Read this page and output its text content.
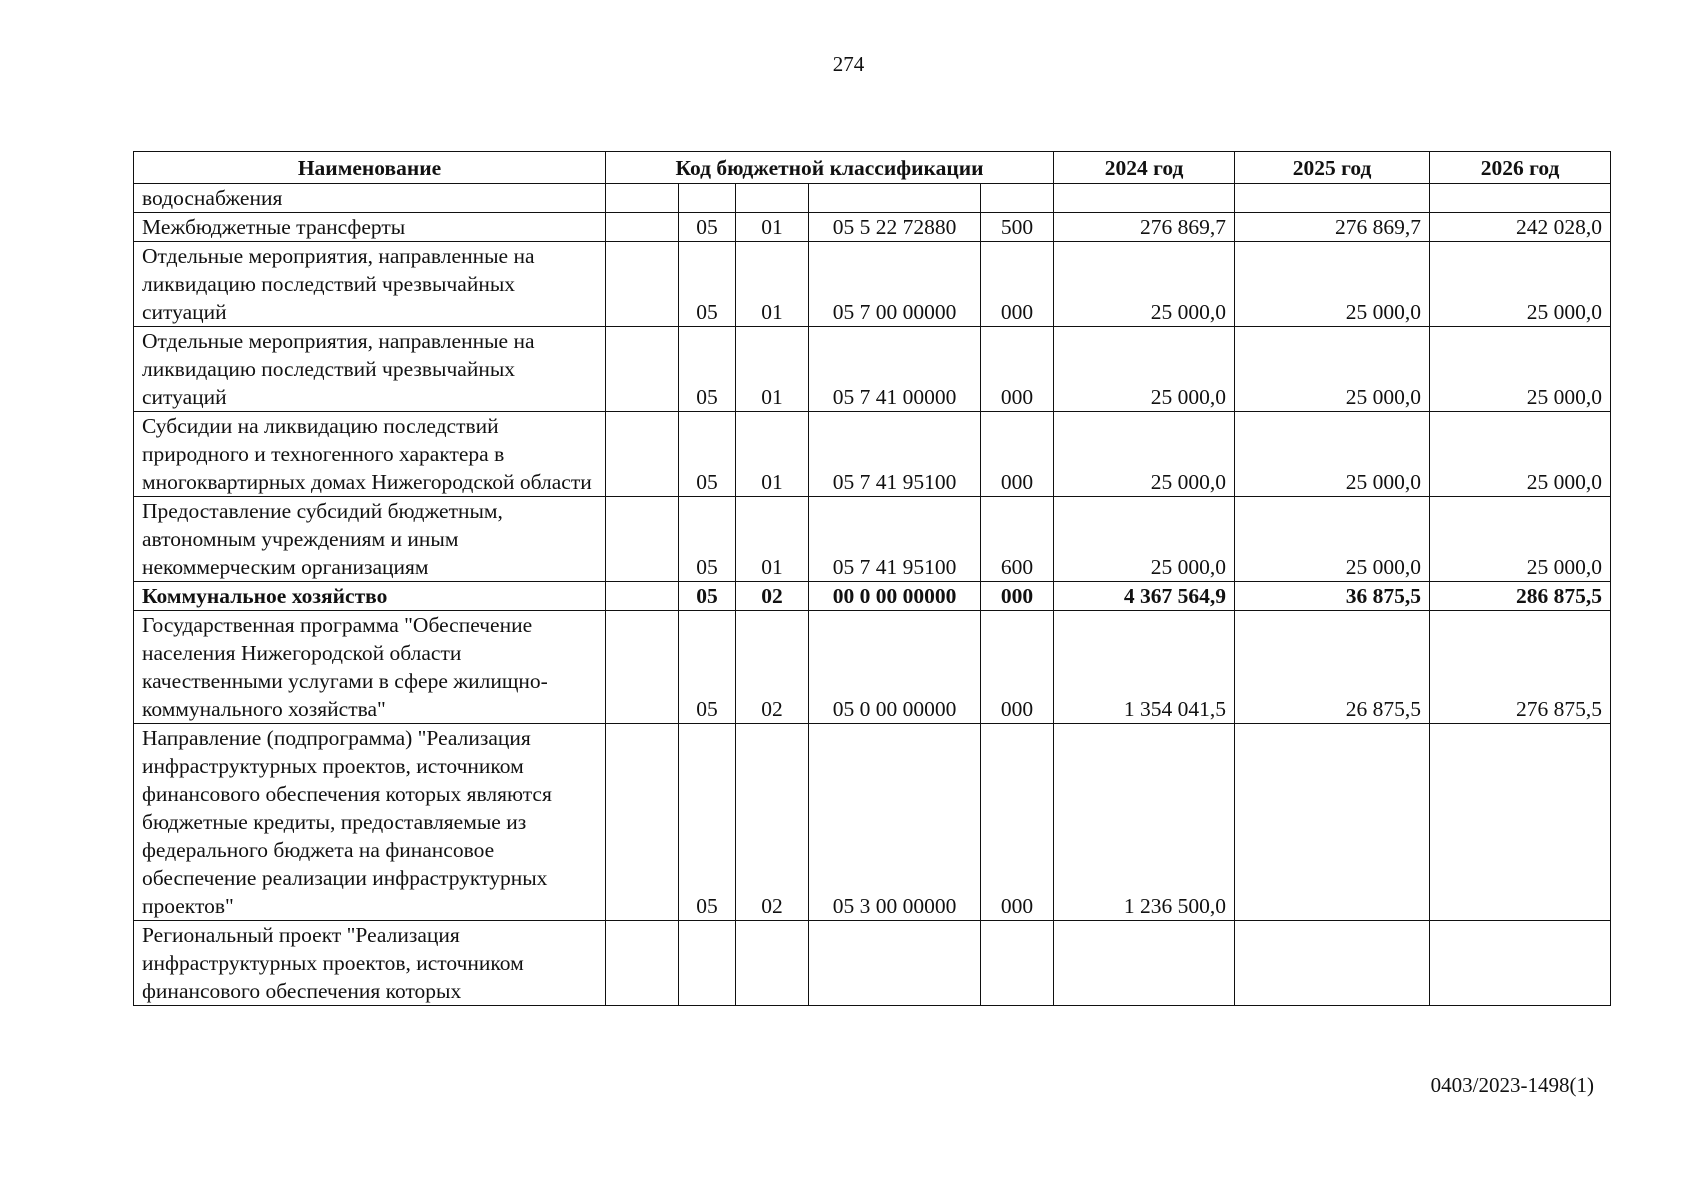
274
Наименование	Код бюджетной классификации					2024 год	2025 год	2026 год
водоснабжения								
Межбюджетные трансферты		05	01	05 5 22 72880	500	276 869,7	276 869,7	242 028,0
Отдельные мероприятия, направленные на ликвидацию последствий чрезвычайных ситуаций		05	01	05 7 00 00000	000	25 000,0	25 000,0	25 000,0
Отдельные мероприятия, направленные на ликвидацию последствий чрезвычайных ситуаций		05	01	05 7 41 00000	000	25 000,0	25 000,0	25 000,0
Субсидии на ликвидацию последствий природного и техногенного характера в многоквартирных домах Нижегородской области		05	01	05 7 41 95100	000	25 000,0	25 000,0	25 000,0
Предоставление субсидий бюджетным, автономным учреждениям и иным некоммерческим организациям		05	01	05 7 41 95100	600	25 000,0	25 000,0	25 000,0
Коммунальное хозяйство		05	02	00 0 00 00000	000	4 367 564,9	36 875,5	286 875,5
Государственная программа "Обеспечение населения Нижегородской области качественными услугами в сфере жилищно-коммунального хозяйства"		05	02	05 0 00 00000	000	1 354 041,5	26 875,5	276 875,5
Направление (подпрограмма) "Реализация инфраструктурных проектов, источником финансового обеспечения которых являются бюджетные кредиты, предоставляемые из федерального бюджета на финансовое обеспечение реализации инфраструктурных проектов"		05	02	05 3 00 00000	000	1 236 500,0		
Региональный проект "Реализация инфраструктурных проектов, источником финансового обеспечения которых								
0403/2023-1498(1)
